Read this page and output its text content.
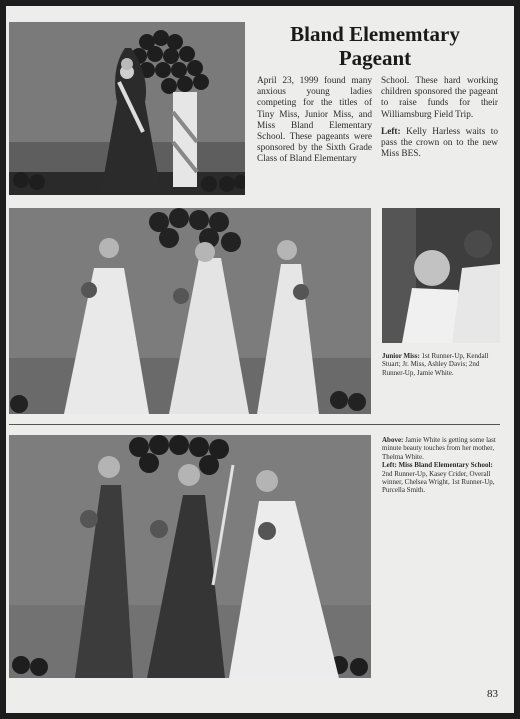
Bland Elememtary
Pageant

April 23, 1999 found many anxious young ladies competing for the titles of Tiny Miss, Junior Miss, and Miss Bland Elementary School. These pageants were sponsored by the Sixth Grade Class of Bland Elementary

School. These hard working children sponsored the pageant to raise funds for their Williamsburg Field Trip.

Left: Kelly Harless waits to pass the crown on to the new Miss BES.

Junior Miss: 1st Runner-Up, Kendall Stuart; Jr. Miss, Ashley Davis; 2nd Runner-Up, Jamie White.
Above: Jamie White is getting some last minute beauty touches from her mother, Thelma White.
Left: Miss Bland Elementary School: 2nd Runner-Up, Kasey Crider, Overall winner, Chelsea Wright, 1st Runner-Up, Purcella Smith.
83
